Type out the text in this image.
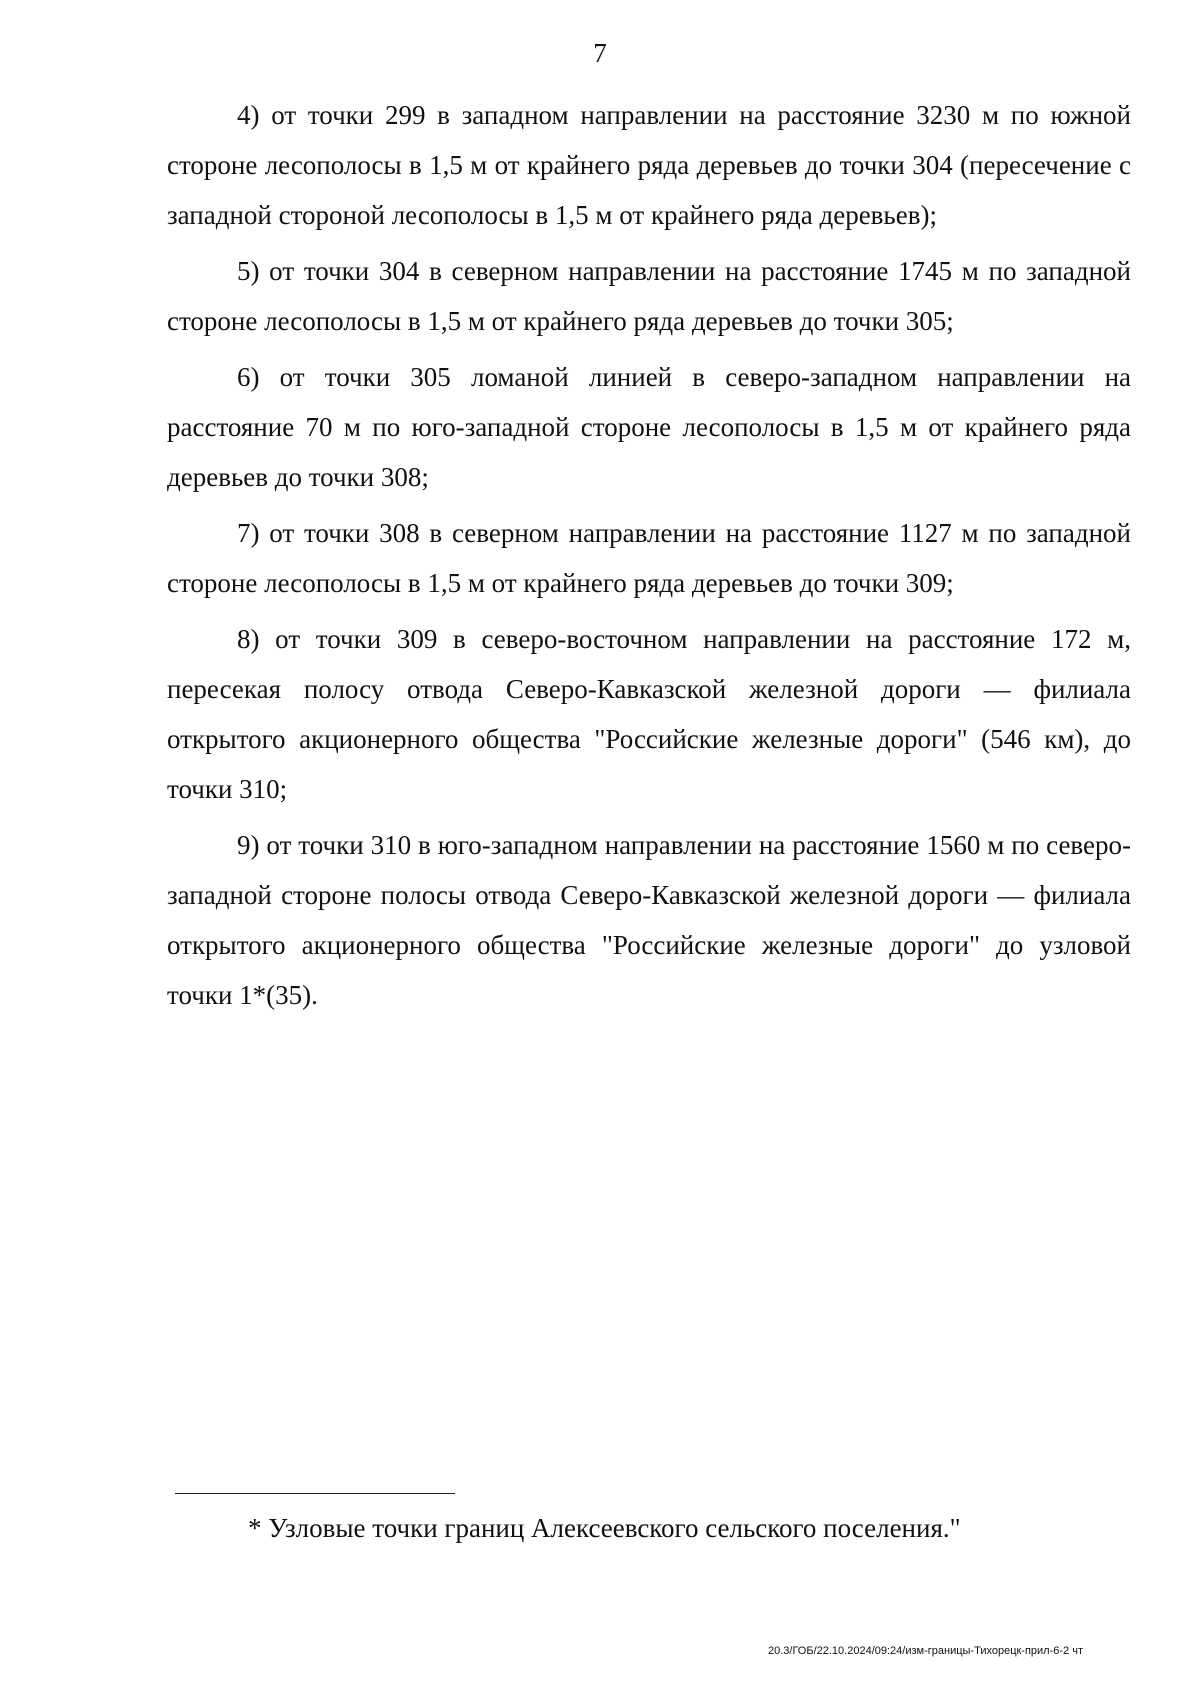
7

4) от точки 299 в западном направлении на расстояние 3230 м по южной стороне лесополосы в 1,5 м от крайнего ряда деревьев до точки 304 (пересечение с западной стороной лесополосы в 1,5 м от крайнего ряда деревьев);

5) от точки 304 в северном направлении на расстояние 1745 м по западной стороне лесополосы в 1,5 м от крайнего ряда деревьев до точки 305;

6) от точки 305 ломаной линией в северо-западном направлении на расстояние 70 м по юго-западной стороне лесополосы в 1,5 м от крайнего ряда деревьев до точки 308;

7) от точки 308 в северном направлении на расстояние 1127 м по западной стороне лесополосы в 1,5 м от крайнего ряда деревьев до точки 309;

8) от точки 309 в северо-восточном направлении на расстояние 172 м, пересекая полосу отвода Северо-Кавказской железной дороги — филиала открытого акционерного общества "Российские железные дороги" (546 км), до точки 310;

9) от точки 310 в юго-западном направлении на расстояние 1560 м по северо-западной стороне полосы отвода Северо-Кавказской железной дороги — филиала открытого акционерного общества "Российские железные дороги" до узловой точки 1*(35).

* Узловые точки границ Алексеевского сельского поселения."
20.3/ГОБ/22.10.2024/09:24/изм-границы-Тихорецк-прил-6-2 чт
